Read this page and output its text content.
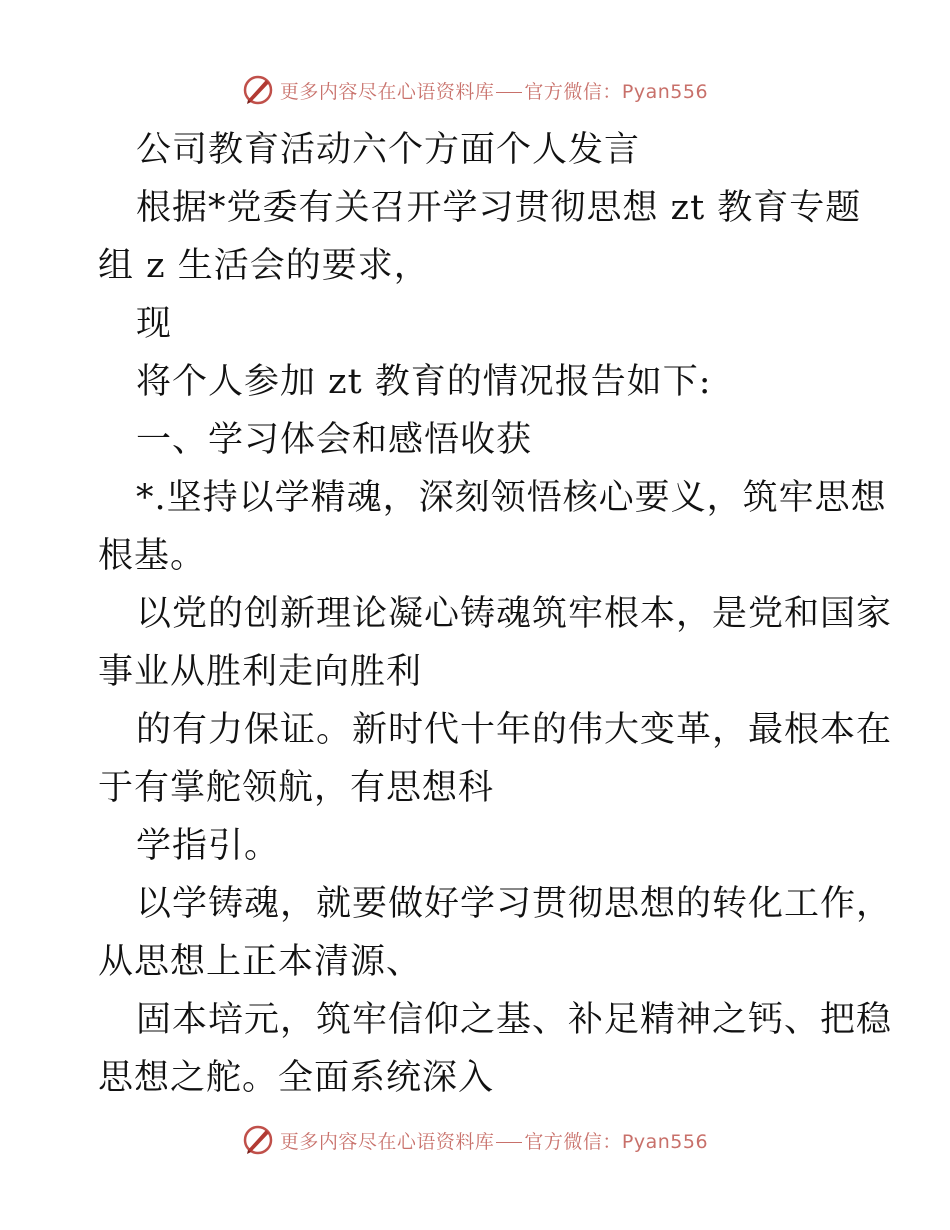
更多内容尽在心语资料库 官方微信：Pyan556
公司教育活动六个方面个人发言
根据*党委有关召开学习贯彻思想 zt 教育专题
组 z 生活会的要求，
现
将个人参加 zt 教育的情况报告如下:
一、学习体会和感悟收获
*.坚持以学精魂，深刻领悟核心要义，筑牢思想
根基。
以党的创新理论凝心铸魂筑牢根本，是党和国家
事业从胜利走向胜利
的有力保证。新时代十年的伟大变革，最根本在
于有掌舵领航，有思想科
学指引。
以学铸魂，就要做好学习贯彻思想的转化工作，
从思想上正本清源、
固本培元，筑牢信仰之基、补足精神之钙、把稳
思想之舵。全面系统深入
更多内容尽在心语资料库 官方微信：Pyan556
